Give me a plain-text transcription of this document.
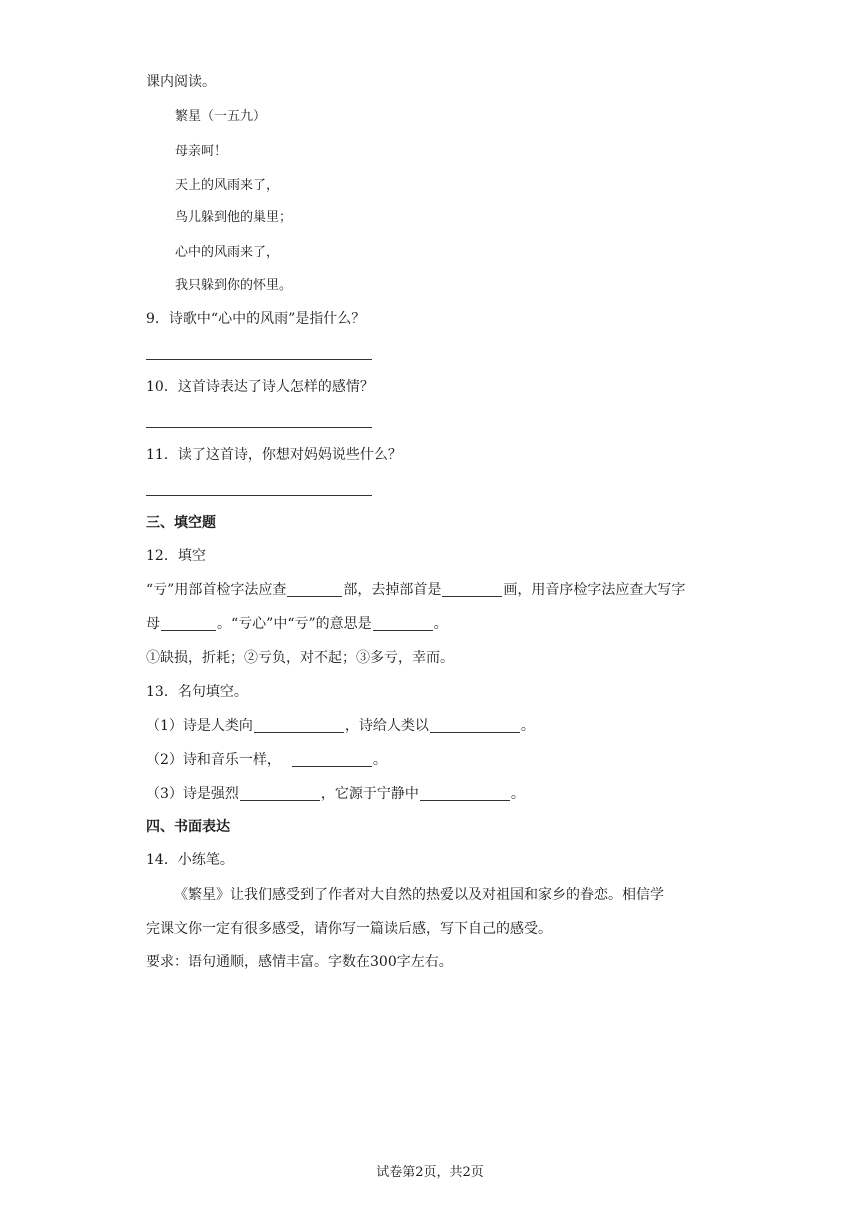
课内阅读。
繁星（一五九）
母亲呵！
天上的风雨来了，
鸟儿躲到他的巢里；
心中的风雨来了，
我只躲到你的怀里。
9．诗歌中“心中的风雨”是指什么？
10．这首诗表达了诗人怎样的感情？
11．读了这首诗，你想对妈妈说些什么？
三、填空题
12．填空
“亏”用部首检字法应查	部，去掉部首是	画，用音序检字法应查大写字
母	。“亏心”中“亏”的意思是	。
①缺损，折耗；②亏负，对不起；③多亏，幸而。
13．名句填空。
（1）诗是人类向	，诗给人类以	。
（2）诗和音乐一样，	。
（3）诗是强烈	，它源于宁静中	。
四、书面表达
14．小练笔。
《繁星》让我们感受到了作者对大自然的热爱以及对祖国和家乡的眷恋。相信学
完课文你一定有很多感受，请你写一篇读后感，写下自己的感受。
要求：语句通顺，感情丰富。字数在300字左右。
试卷第2页，共2页
